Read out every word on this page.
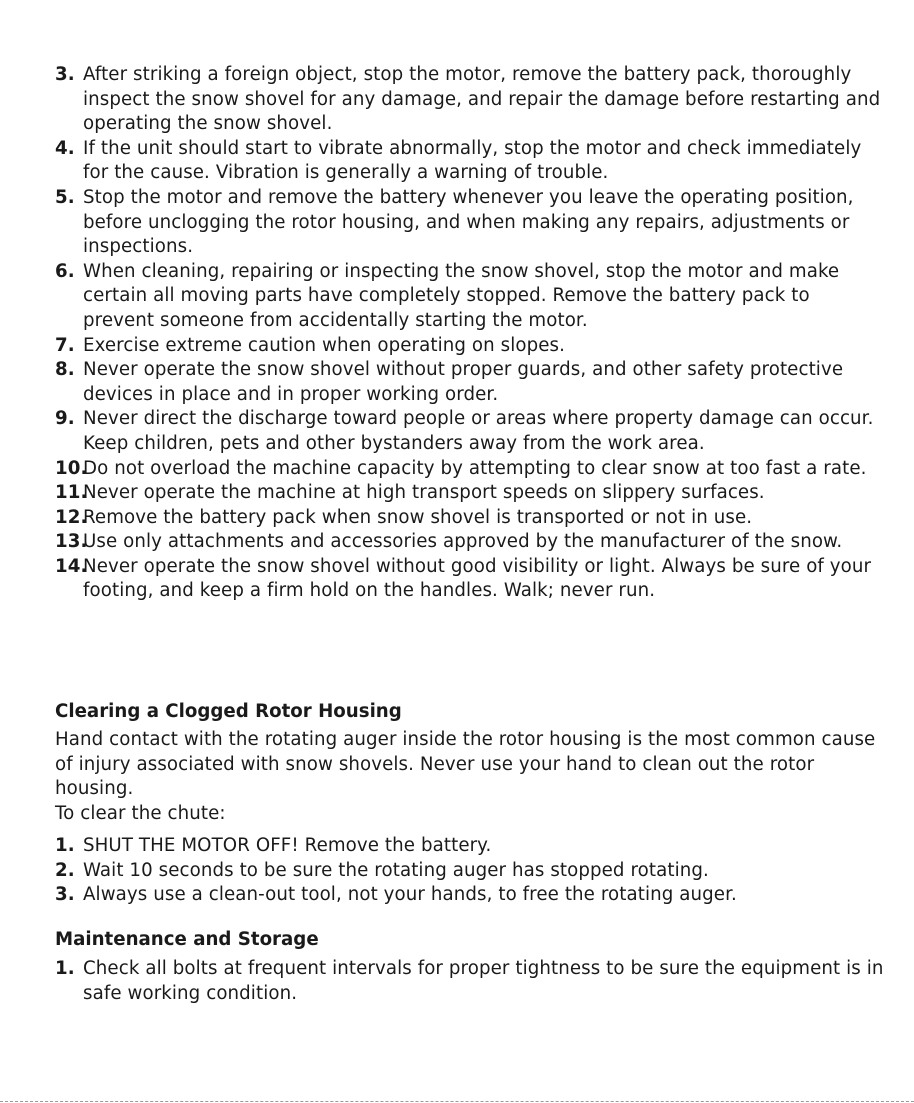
3. After striking a foreign object, stop the motor, remove the battery pack, thoroughly inspect the snow shovel for any damage, and repair the damage before restarting and operating the snow shovel.
4. If the unit should start to vibrate abnormally, stop the motor and check immediately for the cause. Vibration is generally a warning of trouble.
5. Stop the motor and remove the battery whenever you leave the operating position, before unclogging the rotor housing, and when making any repairs, adjustments or inspections.
6. When cleaning, repairing or inspecting the snow shovel, stop the motor and make certain all moving parts have completely stopped. Remove the battery pack to prevent someone from accidentally starting the motor.
7. Exercise extreme caution when operating on slopes.
8. Never operate the snow shovel without proper guards, and other safety protective devices in place and in proper working order.
9. Never direct the discharge toward people or areas where property damage can occur. Keep children, pets and other bystanders away from the work area.
10.
Do not overload the machine capacity by attempting to clear snow at too fast a rate.
11.
Never operate the machine at high transport speeds on slippery surfaces.
12.
Remove the battery pack when snow shovel is transported or not in use.
13.
Use only attachments and accessories approved by the manufacturer of the snow.
14.
Never operate the snow shovel without good visibility or light. Always be sure of your footing, and keep a firm hold on the handles. Walk; never run.
Clearing a Clogged Rotor Housing

Hand contact with the rotating auger inside the rotor housing is the most common cause of injury associated with snow shovels. Never use your hand to clean out the rotor housing.

To clear the chute:

1. SHUT THE MOTOR OFF! Remove the battery.
2. Wait 10 seconds to be sure the rotating auger has stopped rotating.
3. Always use a clean-out tool, not your hands, to free the rotating auger.
Maintenance and Storage
1. Check all bolts at frequent intervals for proper tightness to be sure the equipment is in safe working condition.
